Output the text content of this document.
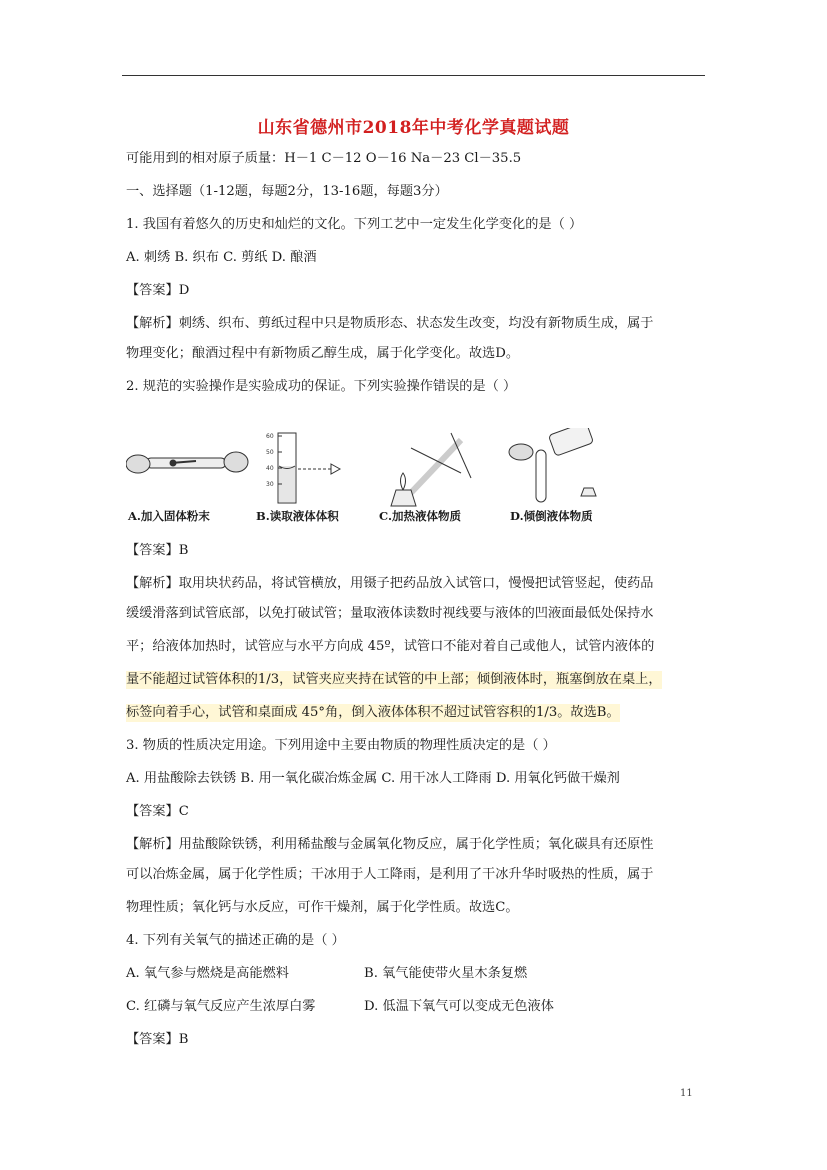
山东省德州市2018年中考化学真题试题
可能用到的相对原子质量：H－1 C－12 O－16 Na－23 Cl－35.5
一、选择题（1-12题，每题2分，13-16题，每题3分）
1. 我国有着悠久的历史和灿烂的文化。下列工艺中一定发生化学变化的是（ ）
A. 刺绣 B. 织布 C. 剪纸 D. 酿酒
【答案】D
【解析】刺绣、织布、剪纸过程中只是物质形态、状态发生改变，均没有新物质生成，属于
物理变化；酿酒过程中有新物质乙醇生成，属于化学变化。故选D。
2. 规范的实验操作是实验成功的保证。下列实验操作错误的是（ ）
60
50
40
30
A.加入固体粉末	B.读取液体体积	C.加热液体物质	D.倾倒液体物质
【答案】B
【解析】取用块状药品，将试管横放，用镊子把药品放入试管口，慢慢把试管竖起，使药品
缓缓滑落到试管底部，以免打破试管；量取液体读数时视线要与液体的凹液面最低处保持水
平；给液体加热时，试管应与水平方向成 45º，试管口不能对着自己或他人，试管内液体的
量不能超过试管体积的1/3，试管夹应夹持在试管的中上部；倾倒液体时，瓶塞倒放在桌上，
标签向着手心，试管和桌面成 45°角，倒入液体体积不超过试管容积的1/3。故选B。
3. 物质的性质决定用途。下列用途中主要由物质的物理性质决定的是（ ）
A. 用盐酸除去铁锈 B. 用一氧化碳冶炼金属 C. 用干冰人工降雨 D. 用氧化钙做干燥剂
【答案】C
【解析】用盐酸除铁锈，利用稀盐酸与金属氧化物反应，属于化学性质；氧化碳具有还原性
可以冶炼金属，属于化学性质；干冰用于人工降雨，是利用了干冰升华时吸热的性质，属于
物理性质；氧化钙与水反应，可作干燥剂，属于化学性质。故选C。
4. 下列有关氧气的描述正确的是（ ）
A. 氧气参与燃烧是高能燃料	B. 氧气能使带火星木条复燃
C. 红磷与氧气反应产生浓厚白雾	D. 低温下氧气可以变成无色液体
【答案】B
11
